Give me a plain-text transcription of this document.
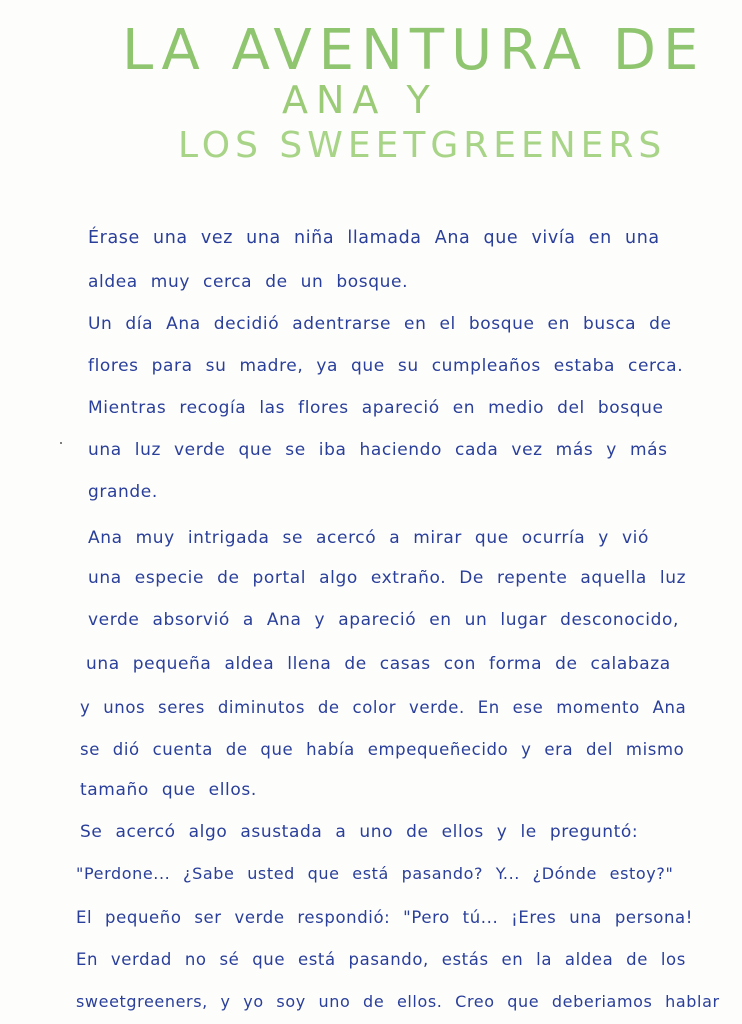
LA AVENTURA DE
ANA Y
LOS SWEETGREENERS
Érase una vez una niña llamada Ana que vivía en una
aldea muy cerca de un bosque.
Un día Ana decidió adentrarse en el bosque en busca de
flores para su madre, ya que su cumpleaños estaba cerca.
Mientras recogía las flores apareció en medio del bosque
una luz verde que se iba haciendo cada vez más y más
grande.
Ana muy intrigada se acercó a mirar que ocurría y vió
una especie de portal algo extraño. De repente aquella luz
verde absorvió a Ana y apareció en un lugar desconocido,
una pequeña aldea llena de casas con forma de calabaza
y unos seres diminutos de color verde. En ese momento Ana
se dió cuenta de que había empequeñecido y era del mismo
tamaño que ellos.
Se acercó algo asustada a uno de ellos y le preguntó:
"Perdone... ¿Sabe usted que está pasando? Y... ¿Dónde estoy?"
El pequeño ser verde respondió: "Pero tú... ¡Eres una persona!
En verdad no sé que está pasando, estás en la aldea de los
sweetgreeners, y yo soy uno de ellos. Creo que deberiamos hablar
